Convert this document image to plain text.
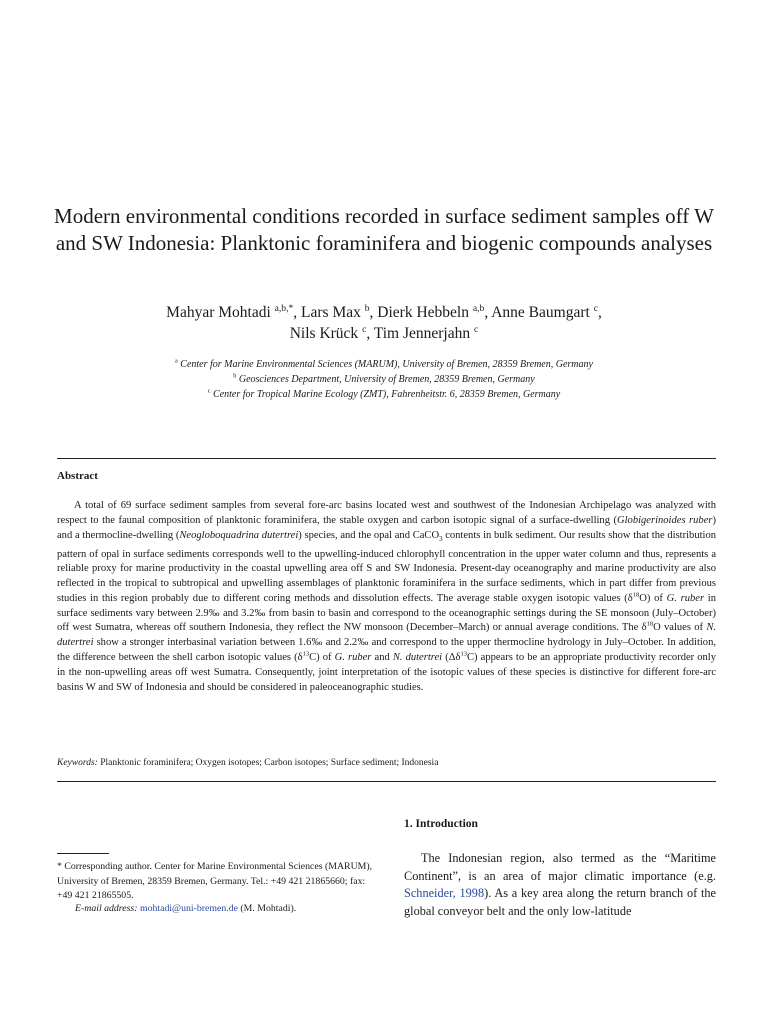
Modern environmental conditions recorded in surface sediment samples off W and SW Indonesia: Planktonic foraminifera and biogenic compounds analyses
Mahyar Mohtadi $^{a,b,*}$, Lars Max $^b$, Dierk Hebbeln $^{a,b}$, Anne Baumgart $^c$,
Nils Krück $^c$, Tim Jennerjahn $^c$
$^a$ Center for Marine Environmental Sciences (MARUM), University of Bremen, 28359 Bremen, Germany
$^b$ Geosciences Department, University of Bremen, 28359 Bremen, Germany
$^c$ Center for Tropical Marine Ecology (ZMT), Fahrenheitstr. 6, 28359 Bremen, Germany
Abstract

A total of 69 surface sediment samples from several fore-arc basins located west and southwest of the Indonesian Archipelago was analyzed with respect to the faunal composition of planktonic foraminifera, the stable oxygen and carbon isotopic signal of a surface-dwelling (Globigerinoides ruber) and a thermocline-dwelling (Neogloboquadrina dutertrei) species, and the opal and CaCO$_3$ contents in bulk sediment. Our results show that the distribution pattern of opal in surface sediments corresponds well to the upwelling-induced chlorophyll concentration in the upper water column and thus, represents a reliable proxy for marine productivity in the coastal upwelling area off S and SW Indonesia. Present-day oceanography and marine productivity are also reflected in the tropical to subtropical and upwelling assemblages of planktonic foraminifera in the surface sediments, which in part differ from previous studies in this region probably due to different coring methods and dissolution effects. The average stable oxygen isotopic values $(\delta^{18}O)$ of G. ruber in surface sediments vary between 2.9‰ and 3.2‰ from basin to basin and correspond to the oceanographic settings during the SE monsoon (July–October) off west Sumatra, whereas off southern Indonesia, they reflect the NW monsoon (December–March) or annual average conditions. The $\delta^{18}O$ values of N. dutertrei show a stronger interbasinal variation between 1.6‰ and 2.2‰ and correspond to the upper thermocline hydrology in July–October. In addition, the difference between the shell carbon isotopic values $(\delta^{13}C)$ of G. ruber and N. dutertrei $(\Delta\delta^{13}C)$ appears to be an appropriate productivity recorder only in the non-upwelling areas off west Sumatra. Consequently, joint interpretation of the isotopic values of these species is distinctive for different fore-arc basins W and SW of Indonesia and should be considered in paleoceanographic studies.

Keywords: Planktonic foraminifera; Oxygen isotopes; Carbon isotopes; Surface sediment; Indonesia
1. Introduction

The Indonesian region, also termed as the “Maritime Continent”, is an area of major climatic importance (e.g. Schneider, 1998). As a key area along the return branch of the global conveyor belt and the only low-latitude

* Corresponding author. Center for Marine Environmental Sciences (MARUM), University of Bremen, 28359 Bremen, Germany. Tel.: +49 421 21865660; fax: +49 421 21865505.

E-mail address: mohtadi@uni-bremen.de (M. Mohtadi).
